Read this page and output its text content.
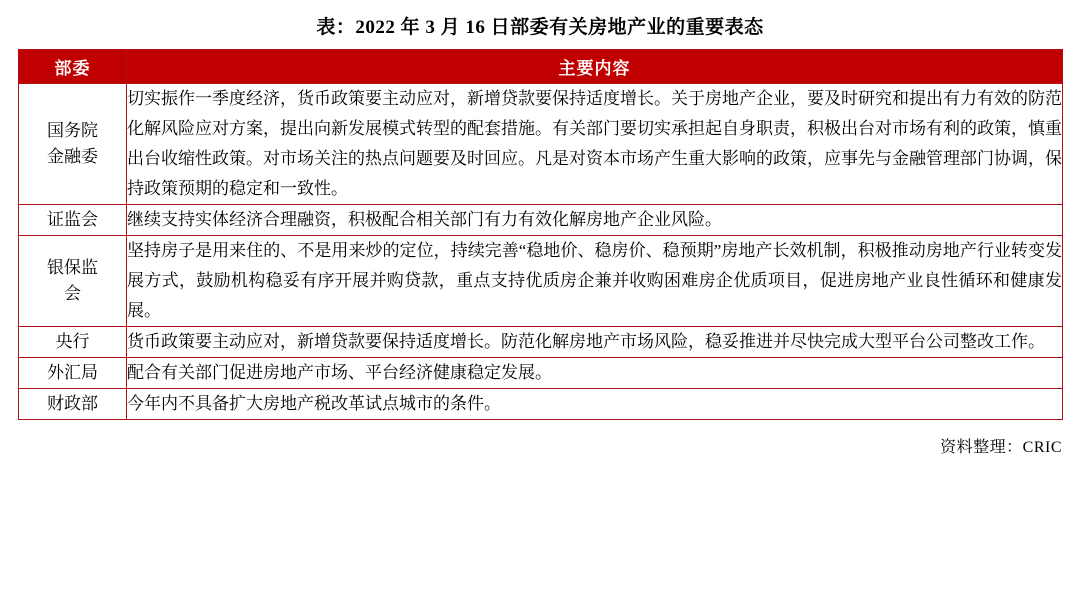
表：2022 年 3 月 16 日部委有关房地产业的重要表态
部委	主要内容

国务院
金融委	切实振作一季度经济，货币政策要主动应对，新增贷款要保持适度增长。关于房地产企业，要及时研究和提出有力有效的防范化解风险应对方案，提出向新发展模式转型的配套措施。有关部门要切实承担起自身职责，积极出台对市场有利的政策，慎重出台收缩性政策。对市场关注的热点问题要及时回应。凡是对资本市场产生重大影响的政策，应事先与金融管理部门协调，保持政策预期的稳定和一致性。

证监会	继续支持实体经济合理融资，积极配合相关部门有力有效化解房地产企业风险。

银保监
会	坚持房子是用来住的、不是用来炒的定位，持续完善“稳地价、稳房价、稳预期”房地产长效机制，积极推动房地产行业转变发展方式，鼓励机构稳妥有序开展并购贷款，重点支持优质房企兼并收购困难房企优质项目，促进房地产业良性循环和健康发展。

央行	货币政策要主动应对，新增贷款要保持适度增长。防范化解房地产市场风险，稳妥推进并尽快完成大型平台公司整改工作。

外汇局	配合有关部门促进房地产市场、平台经济健康稳定发展。

财政部	今年内不具备扩大房地产税改革试点城市的条件。

资料整理：CRIC
